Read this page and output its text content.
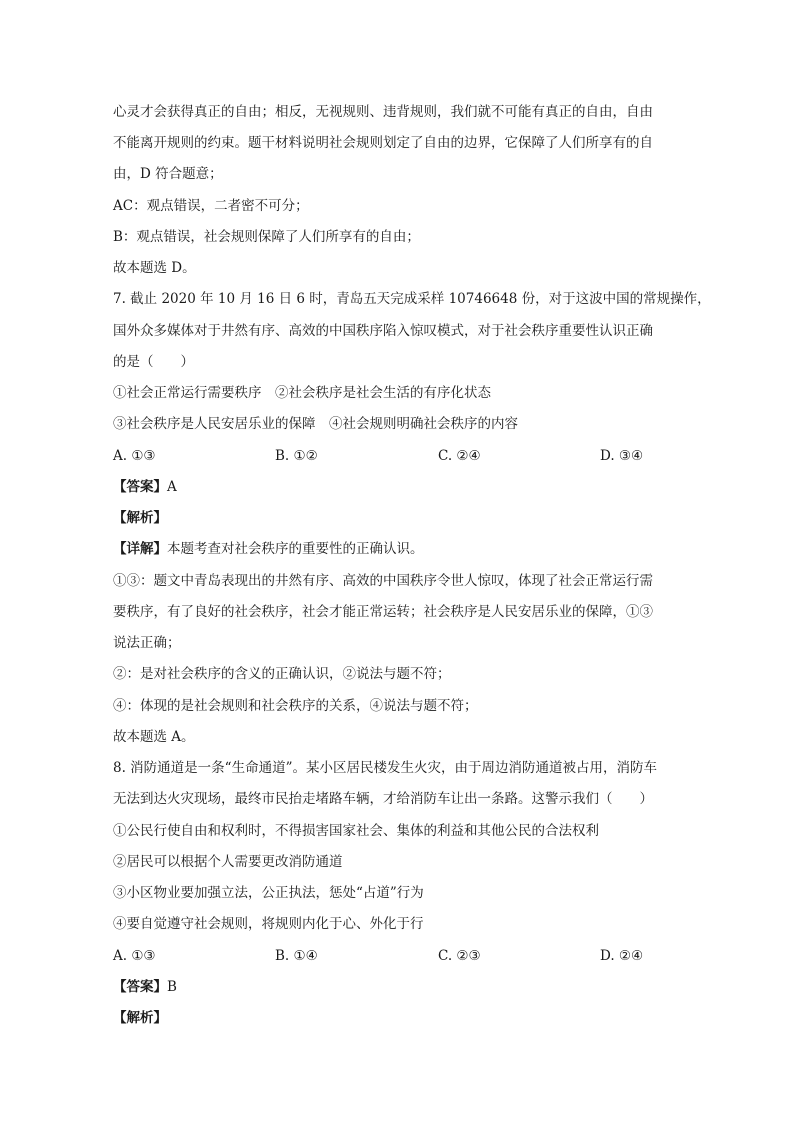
心灵才会获得真正的自由；相反，无视规则、违背规则，我们就不可能有真正的自由，自由
不能离开规则的约束。题干材料说明社会规则划定了自由的边界，它保障了人们所享有的自
由，D 符合题意；
AC：观点错误，二者密不可分；
B：观点错误，社会规则保障了人们所享有的自由；
故本题选 D。
7. 截止 2020 年 10 月 16 日 6 时，青岛五天完成采样 10746648 份，对于这波中国的常规操作，
国外众多媒体对于井然有序、高效的中国秩序陷入惊叹模式，对于社会秩序重要性认识正确
的是（　　）
①社会正常运行需要秩序　②社会秩序是社会生活的有序化状态
③社会秩序是人民安居乐业的保障　④社会规则明确社会秩序的内容
A. ①③	B. ①②	C. ②④	D. ③④
【答案】A
【解析】
【详解】本题考查对社会秩序的重要性的正确认识。
①③：题文中青岛表现出的井然有序、高效的中国秩序令世人惊叹，体现了社会正常运行需
要秩序，有了良好的社会秩序，社会才能正常运转；社会秩序是人民安居乐业的保障，①③
说法正确；
②：是对社会秩序的含义的正确认识，②说法与题不符；
④：体现的是社会规则和社会秩序的关系，④说法与题不符；
故本题选 A。
8. 消防通道是一条“生命通道”。某小区居民楼发生火灾，由于周边消防通道被占用，消防车
无法到达火灾现场，最终市民抬走堵路车辆，才给消防车让出一条路。这警示我们（　　）
①公民行使自由和权利时，不得损害国家社会、集体的利益和其他公民的合法权利
②居民可以根据个人需要更改消防通道
③小区物业要加强立法，公正执法，惩处“占道”行为
④要自觉遵守社会规则，将规则内化于心、外化于行
A. ①③	B. ①④	C. ②③	D. ②④
【答案】B
【解析】
